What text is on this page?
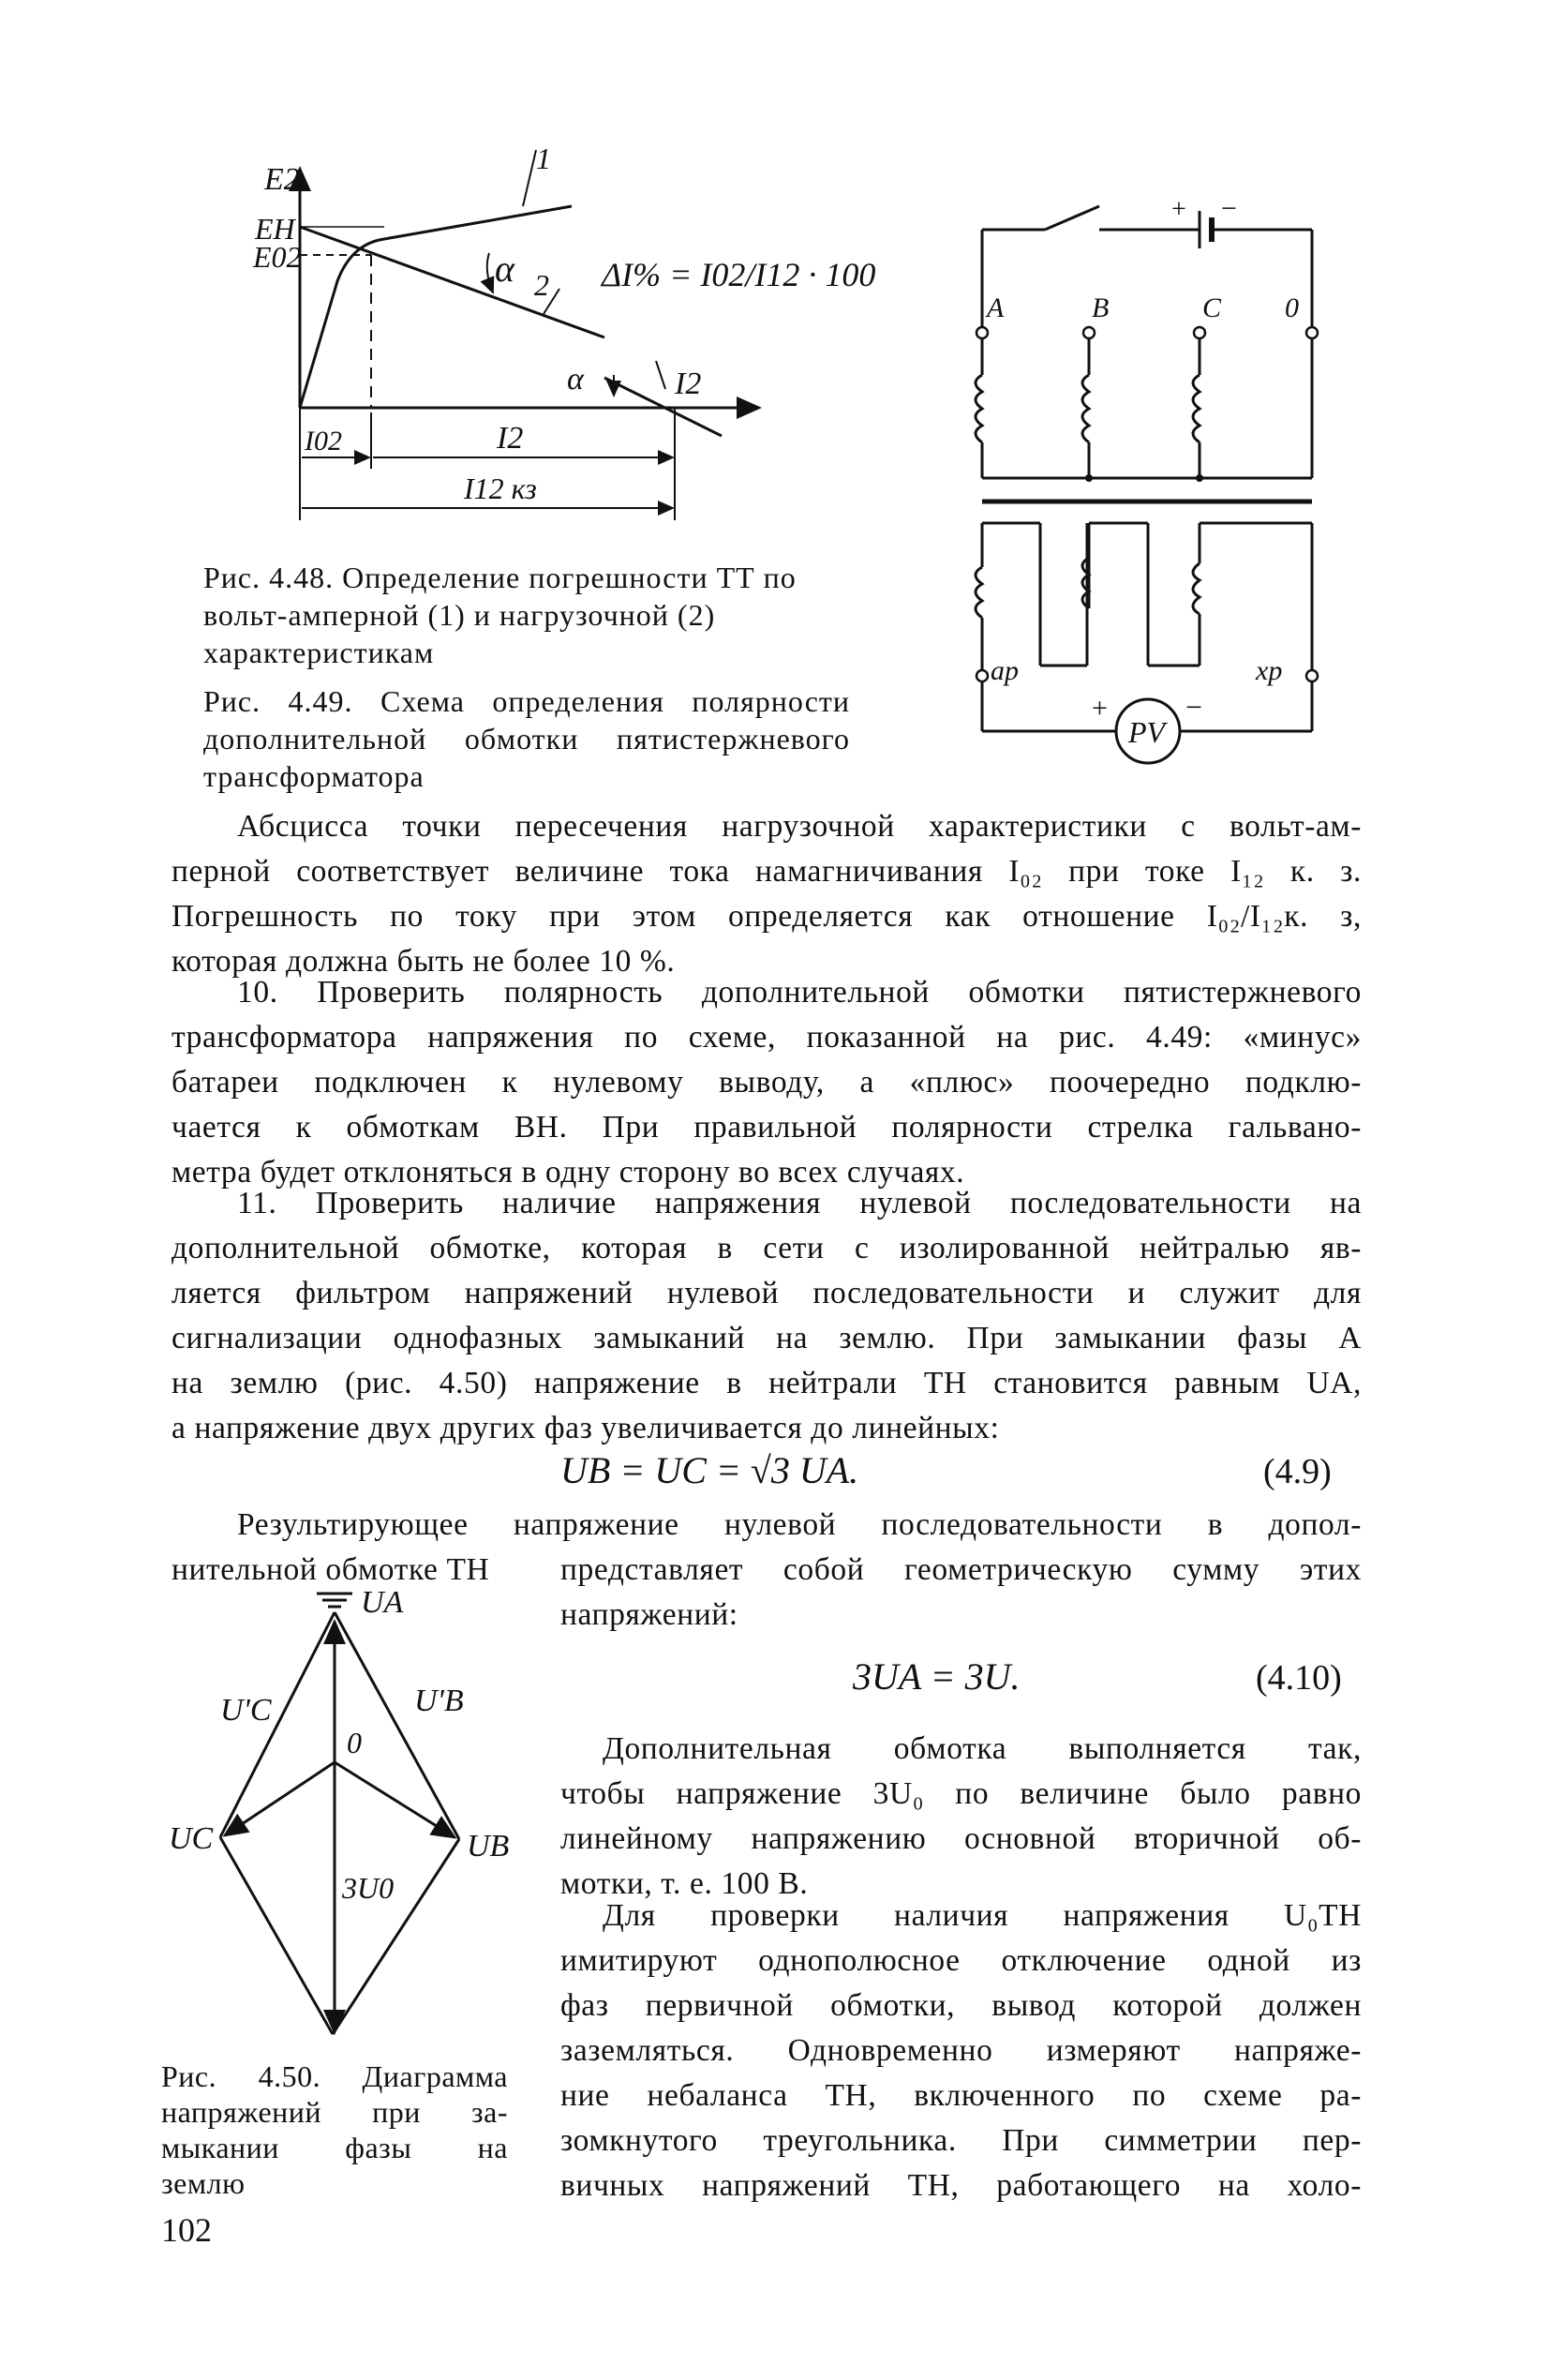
E2
EH
E02
1
α 2
α	I2
I02	I2
I12 кз
ΔI% = I02/I12 · 100
Рис. 4.48. Определение погрешности ТТ по вольт-амперной (1) и нагрузочной (2) характеристикам
+ −
A	B	C 0
ap	xp
PV
+	−
Рис. 4.49. Схема определения полярности дополнительной обмотки пятистержневого трансформатора
Абсцисса точки пересечения нагрузочной характеристики с вольт-ам-
перной соответствует величине тока намагничивания I₀₂ при токе I₁₂ к. з.
Погрешность по току при этом определяется как отношение I₀₂/I₁₂к. з,
которая должна быть не более 10 %.
10. Проверить полярность дополнительной обмотки пятистержневого
трансформатора напряжения по схеме, показанной на рис. 4.49: «минус»
батареи подключен к нулевому выводу, а «плюс» поочередно подклю-
чается к обмоткам ВН. При правильной полярности стрелка гальвано-
метра будет отклоняться в одну сторону во всех случаях.
11. Проверить наличие напряжения нулевой последовательности на
дополнительной обмотке, которая в сети с изолированной нейтралью яв-
ляется фильтром напряжений нулевой последовательности и служит для
сигнализации однофазных замыканий на землю. При замыкании фазы A
на землю (рис. 4.50) напряжение в нейтрали ТН становится равным UA,
а напряжение двух других фаз увеличивается до линейных:
UB = UC = √3 UA.	(4.9)
Результирующее напряжение нулевой последовательности в допол-
нительной обмотке ТН представляет собой геометрическую сумму этих
напряжений:
3UA = 3U.	(4.10)
Дополнительная обмотка выполняется так,
чтобы напряжение 3U₀ по величине было равно
линейному напряжению основной вторичной об-
мотки, т. е. 100 В.
Для проверки наличия напряжения U₀ТН
имитируют однополюсное отключение одной из
фаз первичной обмотки, вывод которой должен
заземляться. Одновременно измеряют напряже-
ние небаланса ТН, включенного по схеме ра-
зомкнутого треугольника. При симметрии пер-
вичных напряжений ТН, работающего на холо-
UA
U'C	U'B
0
UC	UB
3U0
Рис. 4.50. Диаграмма
напряжений при за-
мыкании фазы на
землю
102
